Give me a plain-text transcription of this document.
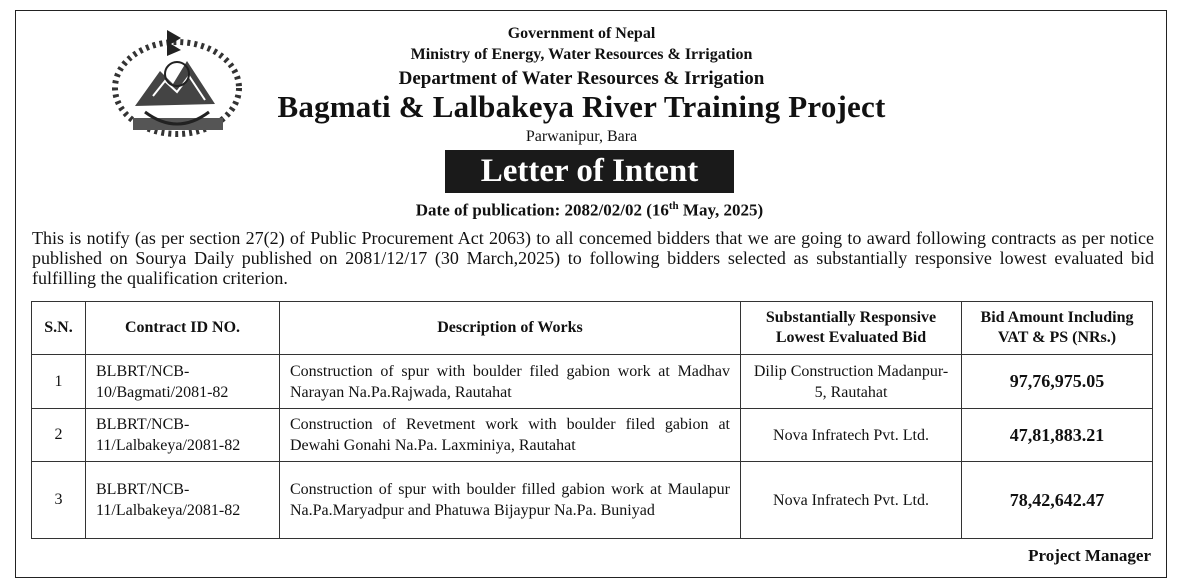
Government of Nepal
Ministry of Energy, Water Resources & Irrigation
Department of Water Resources & Irrigation
Bagmati & Lalbakeya River Training Project
Parwanipur, Bara
Letter of Intent
Date of publication: 2082/02/02 (16th May, 2025)
This is notify (as per section 27(2) of Public Procurement Act 2063) to all concemed bidders that we are going to award following contracts as per notice published on Sourya Daily published on 2081/12/17 (30 March,2025) to following bidders selected as substantially responsive lowest evaluated bid fulfilling the qualification criterion.
S.N.	Contract ID NO.	Description of Works	Substantially Responsive Lowest Evaluated Bid	Bid Amount Including VAT & PS (NRs.)
1	BLBRT/NCB-10/Bagmati/2081-82	Construction of spur with boulder filed gabion work at Madhav Narayan Na.Pa.Rajwada, Rautahat	Dilip Construction Madanpur-5, Rautahat	97,76,975.05
2	BLBRT/NCB-11/Lalbakeya/2081-82	Construction of Revetment work with boulder filed gabion at Dewahi Gonahi Na.Pa. Laxminiya, Rautahat	Nova Infratech Pvt. Ltd.	47,81,883.21
3	BLBRT/NCB-11/Lalbakeya/2081-82	Construction of spur with boulder filled gabion work at Maulapur Na.Pa.Maryadpur and Phatuwa Bijaypur Na.Pa. Buniyad	Nova Infratech Pvt. Ltd.	78,42,642.47
Project Manager
